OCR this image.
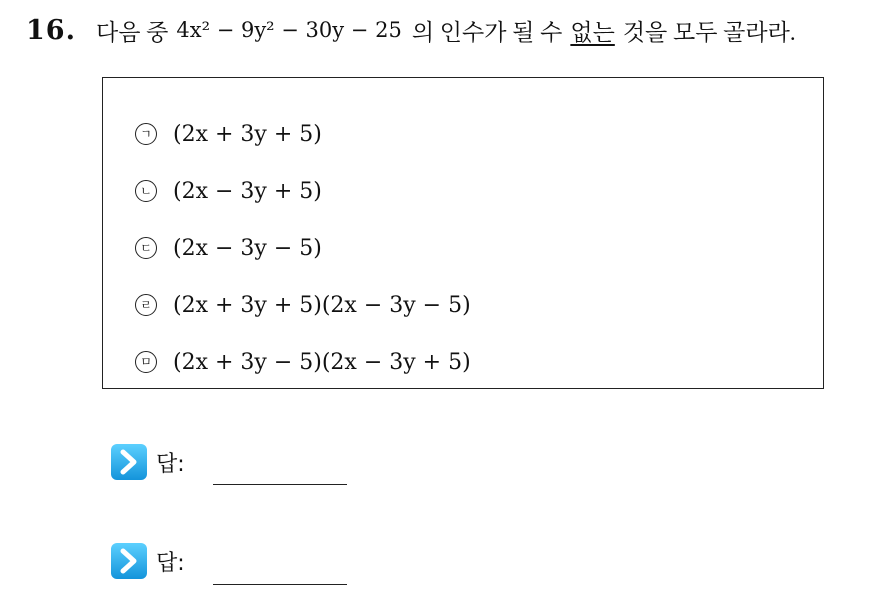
16. 다음 중 4x² − 9y² − 30y − 25 의 인수가 될 수 없는 것을 모두 골라라.
ㄱ (2x + 3y + 5)
ㄴ (2x − 3y + 5)
ㄷ (2x − 3y − 5)
ㄹ (2x + 3y + 5)(2x − 3y − 5)
ㅁ (2x + 3y − 5)(2x − 3y + 5)
답:
답:
